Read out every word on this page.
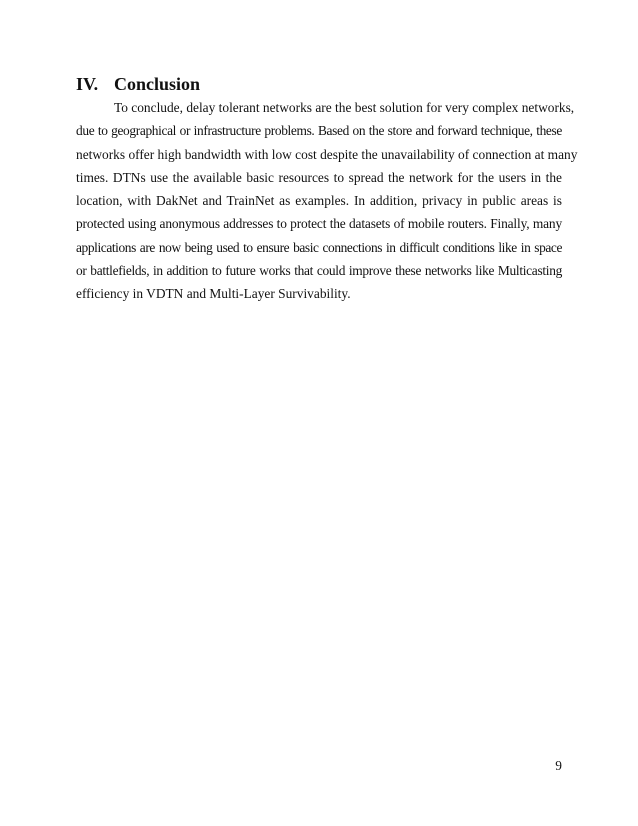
IV. Conclusion
To conclude, delay tolerant networks are the best solution for very complex networks,
due to geographical or infrastructure problems. Based on the store and forward technique, these
networks offer high bandwidth with low cost despite the unavailability of connection at many
times. DTNs use the available basic resources to spread the network for the users in the
location, with DakNet and TrainNet as examples. In addition, privacy in public areas is
protected using anonymous addresses to protect the datasets of mobile routers. Finally, many
applications are now being used to ensure basic connections in difficult conditions like in space
or battlefields, in addition to future works that could improve these networks like Multicasting
efficiency in VDTN and Multi-Layer Survivability.
9
